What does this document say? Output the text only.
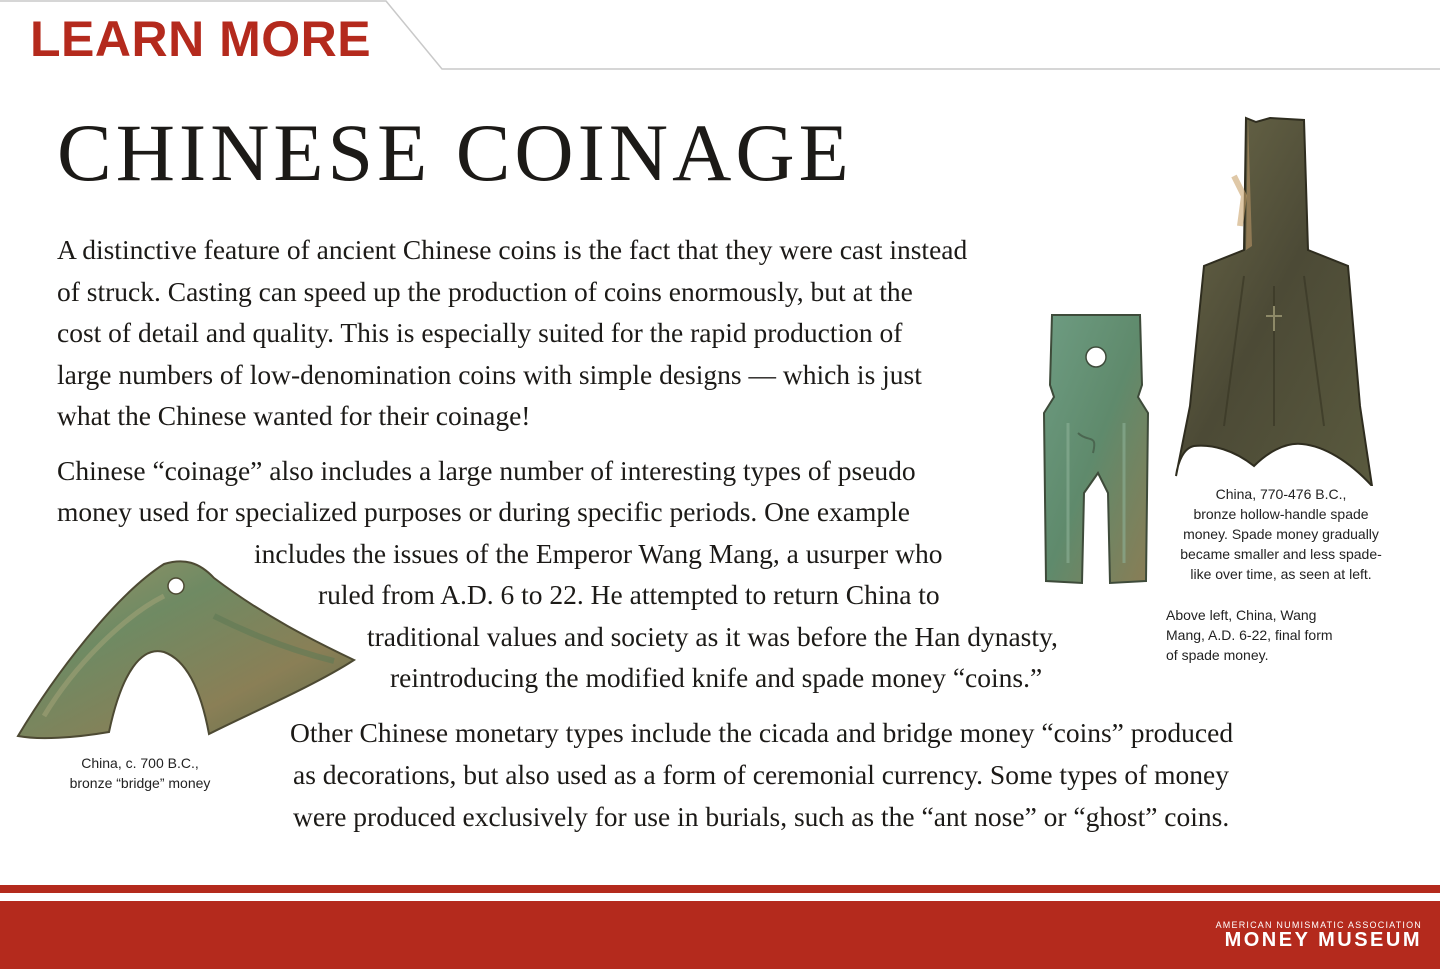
LEARN MORE
CHINESE COINAGE

A distinctive feature of ancient Chinese coins is the fact that they were cast instead
of struck. Casting can speed up the production of coins enormously, but at the
cost of detail and quality. This is especially suited for the rapid production of
large numbers of low-denomination coins with simple designs — which is just
what the Chinese wanted for their coinage!

Chinese “coinage” also includes a large number of interesting types of pseudo

money used for specialized purposes or during specific periods. One example

includes the issues of the Emperor Wang Mang, a usurper who

ruled from A.D. 6 to 22. He attempted to return China to

traditional values and society as it was before the Han dynasty,

reintroducing the modified knife and spade money “coins.”

Other Chinese monetary types include the cicada and bridge money “coins” produced

as decorations, but also used as a form of ceremonial currency. Some types of money

were produced exclusively for use in burials, such as the “ant nose” or “ghost” coins.

China, c. 700 B.C.,
bronze “bridge” money

China, 770-476 B.C.,
bronze hollow-handle spade
money. Spade money gradually
became smaller and less spade-
like over time, as seen at left.

Above left, China, Wang
Mang, A.D. 6-22, final form
of spade money.

AMERICAN NUMISMATIC ASSOCIATION
MONEY MUSEUM
